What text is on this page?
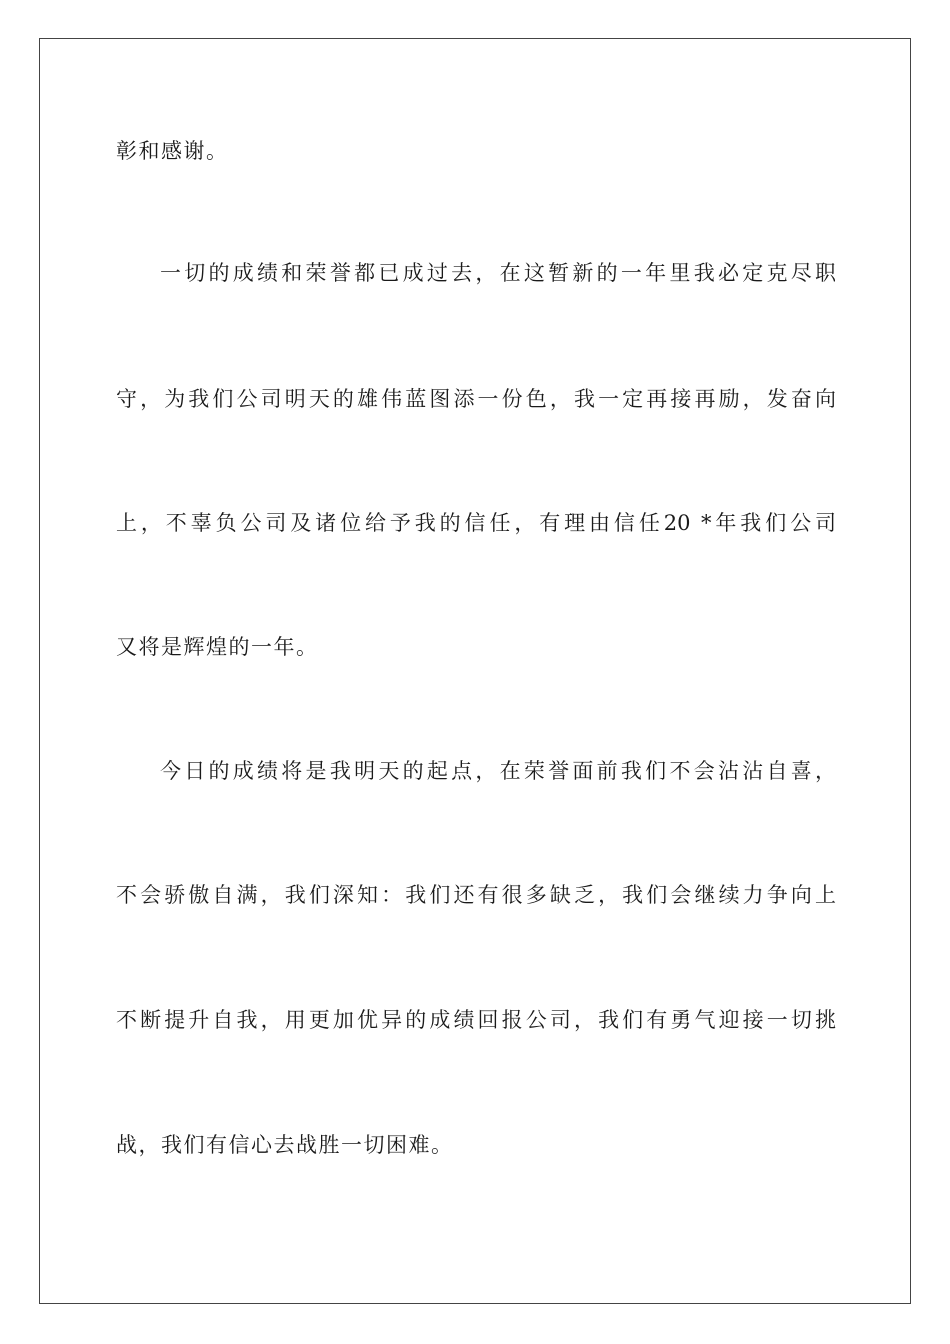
彰和感谢。
一切的成绩和荣誉都已成过去，在这暂新的一年里我必定克尽职
守，为我们公司明天的雄伟蓝图添一份色，我一定再接再励，发奋向
上，不辜负公司及诸位给予我的信任，有理由信任20 *年我们公司
又将是辉煌的一年。
今日的成绩将是我明天的起点，在荣誉面前我们不会沾沾自喜，
不会骄傲自满，我们深知：我们还有很多缺乏，我们会继续力争向上
不断提升自我，用更加优异的成绩回报公司，我们有勇气迎接一切挑
战，我们有信心去战胜一切困难。
